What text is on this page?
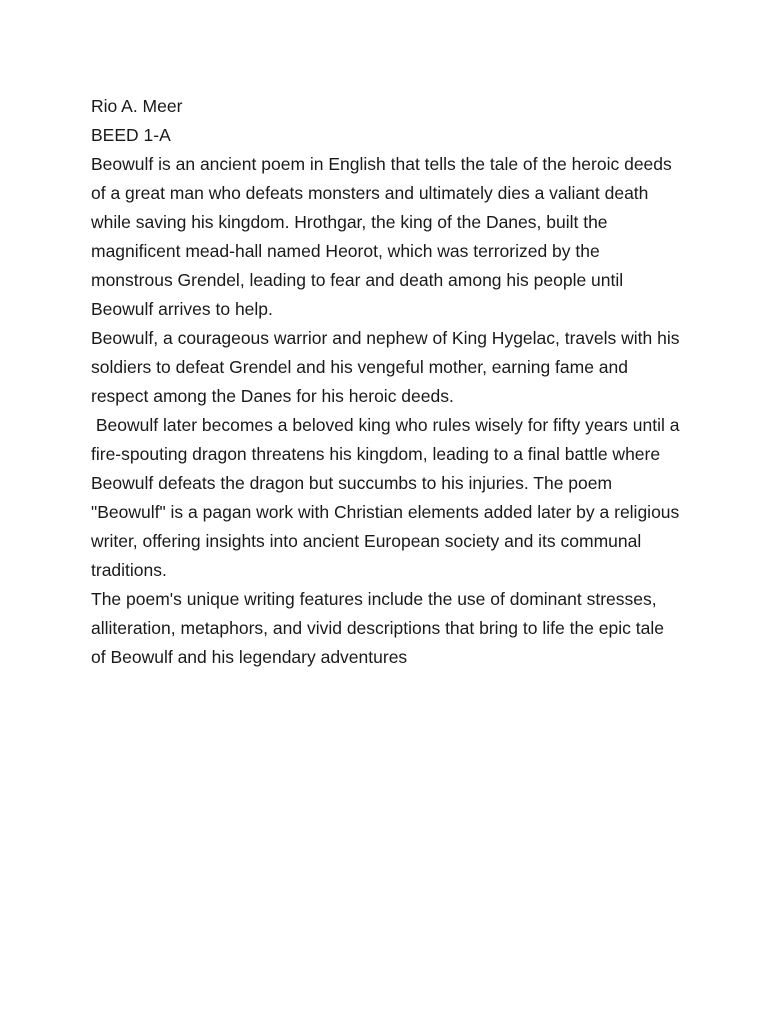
Rio A. Meer

BEED 1-A

Beowulf is an ancient poem in English that tells the tale of the heroic deeds of a great man who defeats monsters and ultimately dies a valiant death while saving his kingdom. Hrothgar, the king of the Danes, built the magnificent mead-hall named Heorot, which was terrorized by the monstrous Grendel, leading to fear and death among his people until Beowulf arrives to help.

Beowulf, a courageous warrior and nephew of King Hygelac, travels with his soldiers to defeat Grendel and his vengeful mother, earning fame and respect among the Danes for his heroic deeds.

Beowulf later becomes a beloved king who rules wisely for fifty years until a fire-spouting dragon threatens his kingdom, leading to a final battle where Beowulf defeats the dragon but succumbs to his injuries. The poem "Beowulf" is a pagan work with Christian elements added later by a religious writer, offering insights into ancient European society and its communal traditions.

The poem's unique writing features include the use of dominant stresses, alliteration, metaphors, and vivid descriptions that bring to life the epic tale of Beowulf and his legendary adventures
